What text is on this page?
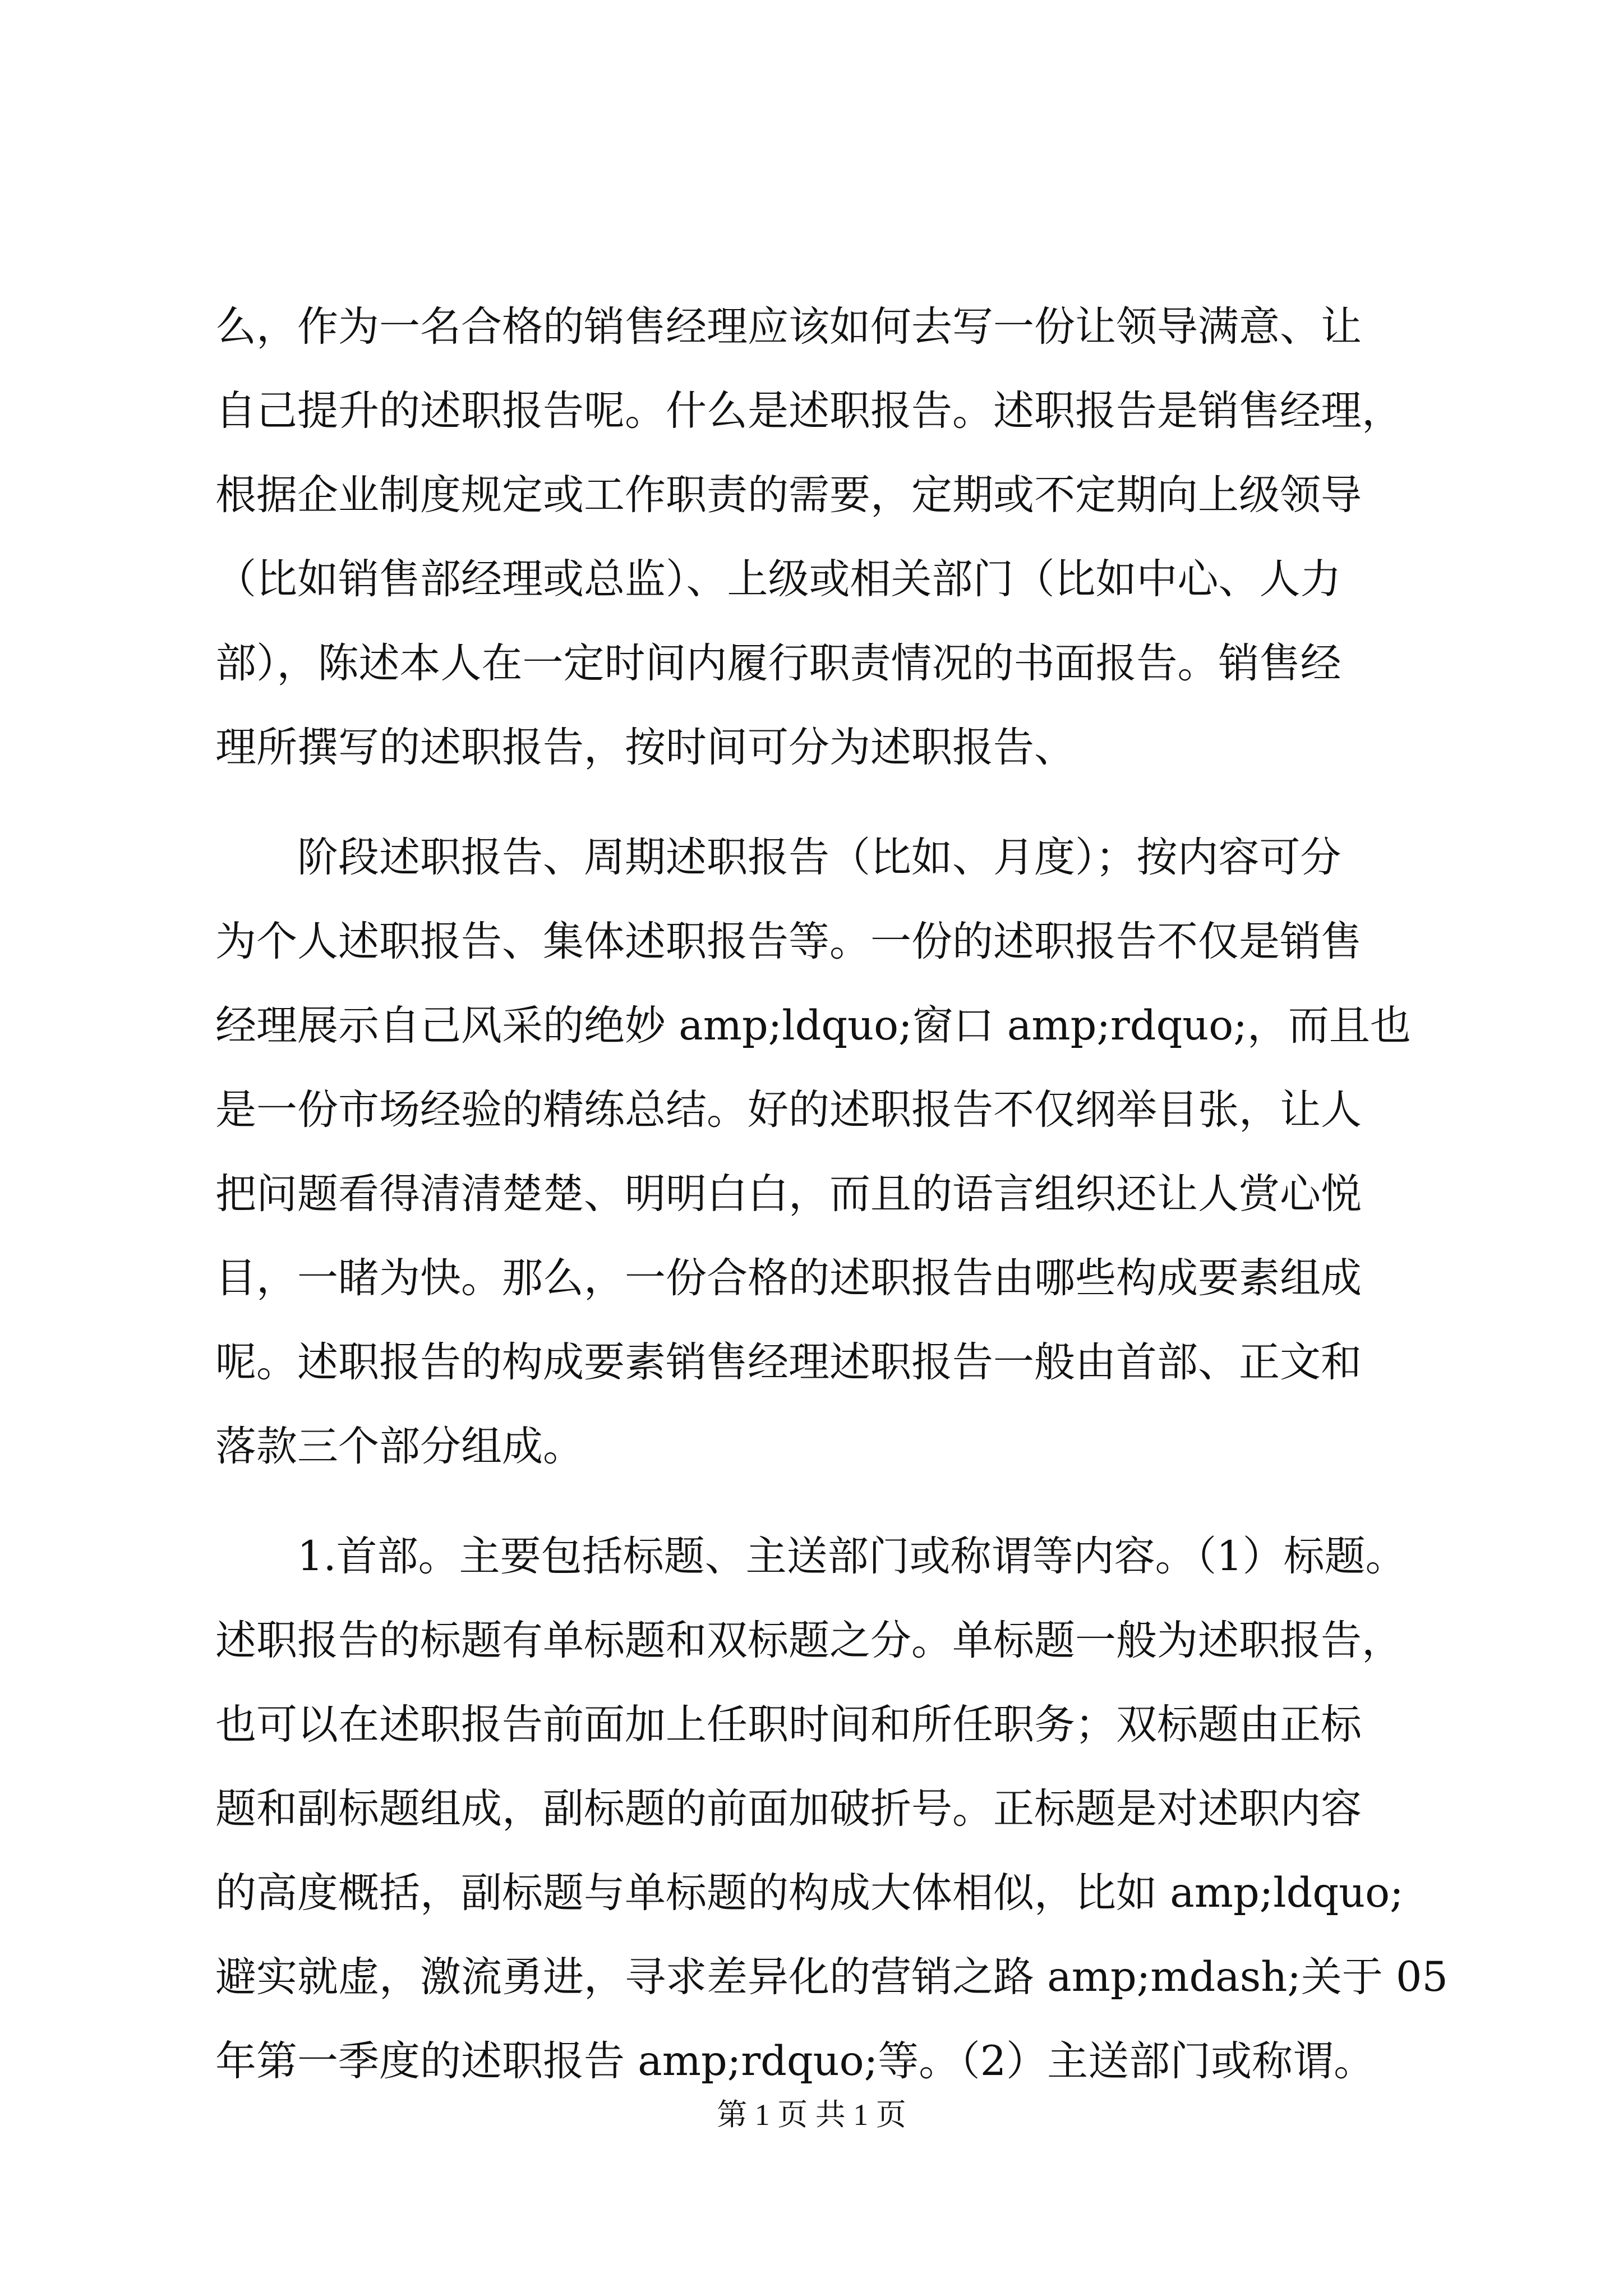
么，作为一名合格的销售经理应该如何去写一份让领导满意、让
自己提升的述职报告呢。什么是述职报告。述职报告是销售经理，
根据企业制度规定或工作职责的需要，定期或不定期向上级领导
（比如销售部经理或总监）、上级或相关部门（比如中心、人力
部），陈述本人在一定时间内履行职责情况的书面报告。销售经
理所撰写的述职报告，按时间可分为述职报告、
阶段述职报告、周期述职报告（比如、月度）；按内容可分
为个人述职报告、集体述职报告等。一份的述职报告不仅是销售
经理展示自己风采的绝妙 amp;ldquo;窗口 amp;rdquo;，而且也
是一份市场经验的精练总结。好的述职报告不仅纲举目张，让人
把问题看得清清楚楚、明明白白，而且的语言组织还让人赏心悦
目，一睹为快。那么，一份合格的述职报告由哪些构成要素组成
呢。述职报告的构成要素销售经理述职报告一般由首部、正文和
落款三个部分组成。
1.首部。主要包括标题、主送部门或称谓等内容。（1）标题。
述职报告的标题有单标题和双标题之分。单标题一般为述职报告，
也可以在述职报告前面加上任职时间和所任职务；双标题由正标
题和副标题组成，副标题的前面加破折号。正标题是对述职内容
的高度概括，副标题与单标题的构成大体相似，比如 amp;ldquo;
避实就虚，激流勇进，寻求差异化的营销之路 amp;mdash;关于 05
年第一季度的述职报告 amp;rdquo;等。（2）主送部门或称谓。
第 1 页 共 1 页
